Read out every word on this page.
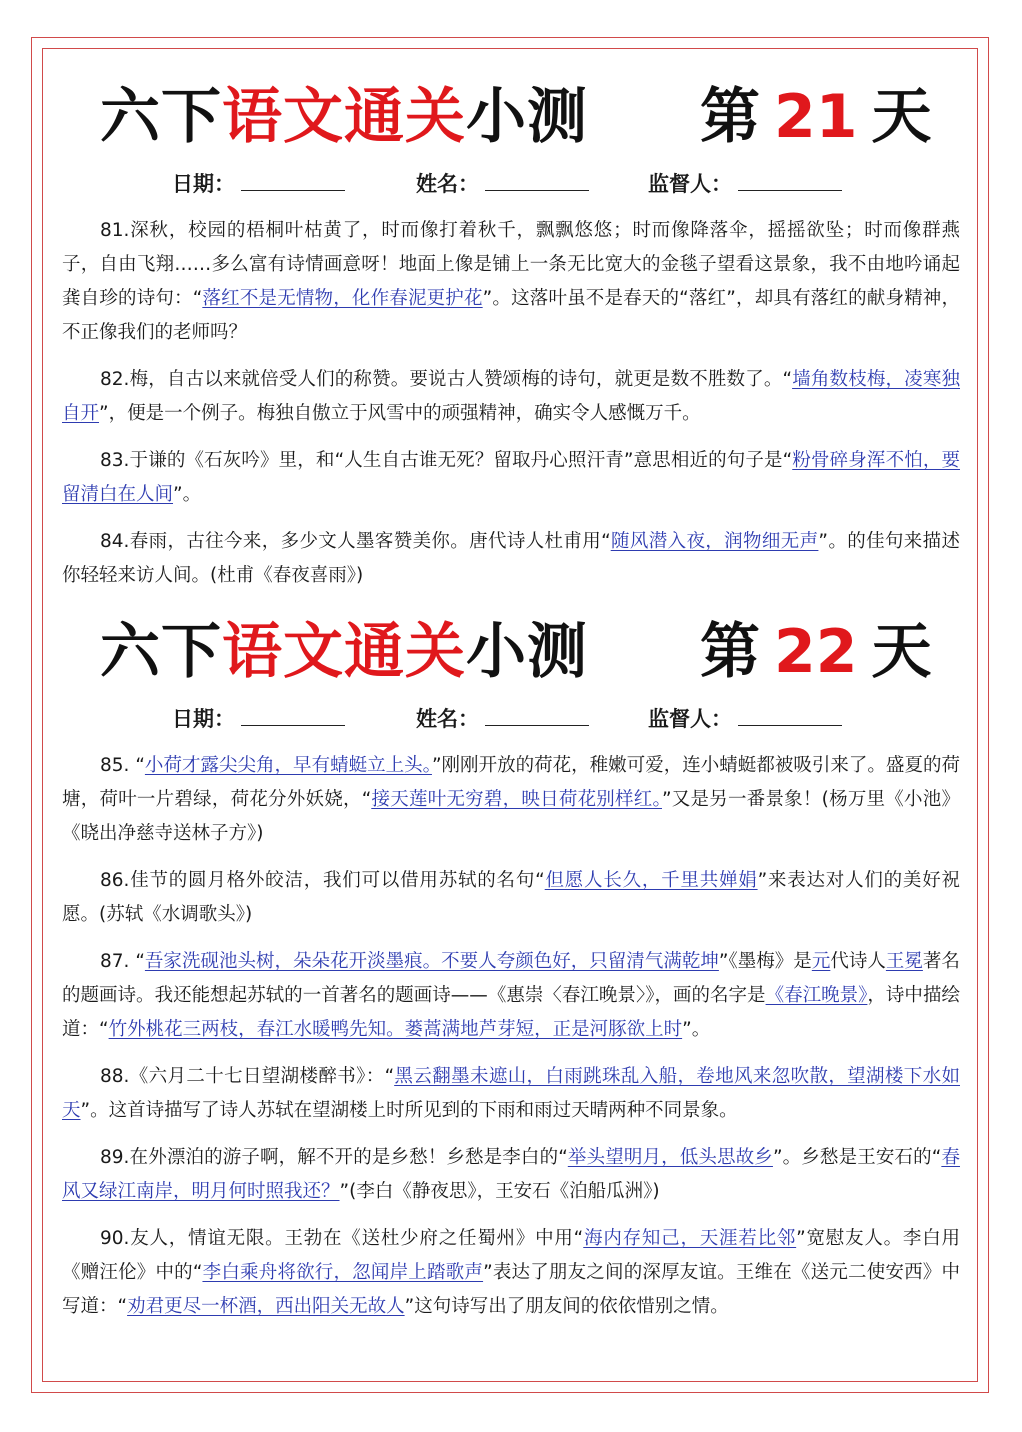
六下语文通关小测 第 21 天
日期：	姓名：	监督人：

81.深秋，校园的梧桐叶枯黄了，时而像打着秋千，飘飘悠悠；时而像降落伞，摇摇欲坠；时而像群燕子，自由飞翔……多么富有诗情画意呀！地面上像是铺上一条无比宽大的金毯子望看这景象，我不由地吟诵起龚自珍的诗句：“落红不是无情物，化作春泥更护花”。这落叶虽不是春天的“落红”，却具有落红的献身精神，不正像我们的老师吗？

82.梅，自古以来就倍受人们的称赞。要说古人赞颂梅的诗句，就更是数不胜数了。“墙角数枝梅，凌寒独自开”，便是一个例子。梅独自傲立于风雪中的顽强精神，确实令人感慨万千。

83.于谦的《石灰吟》里，和“人生自古谁无死？留取丹心照汗青”意思相近的句子是“粉骨碎身浑不怕，要留清白在人间”。

84.春雨，古往今来，多少文人墨客赞美你。唐代诗人杜甫用“随风潜入夜，润物细无声”。的佳句来描述你轻轻来访人间。(杜甫《春夜喜雨》)

六下语文通关小测 第 22 天
日期：	姓名：	监督人：

85. “小荷才露尖尖角，早有蜻蜓立上头。”刚刚开放的荷花，稚嫩可爱，连小蜻蜓都被吸引来了。盛夏的荷塘，荷叶一片碧绿，荷花分外妖娆，“接天莲叶无穷碧，映日荷花别样红。”又是另一番景象！(杨万里《小池》《晓出净慈寺送林子方》)

86.佳节的圆月格外皎洁，我们可以借用苏轼的名句“但愿人长久，千里共婵娟”来表达对人们的美好祝愿。(苏轼《水调歌头》)

87. “吾家洗砚池头树，朵朵花开淡墨痕。不要人夸颜色好，只留清气满乾坤”《墨梅》是元代诗人王冕著名的题画诗。我还能想起苏轼的一首著名的题画诗——《惠崇〈春江晚景〉》，画的名字是《春江晚景》，诗中描绘道：“竹外桃花三两枝，春江水暖鸭先知。蒌蒿满地芦芽短，正是河豚欲上时”。

88.《六月二十七日望湖楼醉书》：“黑云翻墨未遮山，白雨跳珠乱入船，卷地风来忽吹散，望湖楼下水如天”。这首诗描写了诗人苏轼在望湖楼上时所见到的下雨和雨过天晴两种不同景象。

89.在外漂泊的游子啊，解不开的是乡愁！乡愁是李白的“举头望明月，低头思故乡”。乡愁是王安石的“春风又绿江南岸，明月何时照我还？”(李白《静夜思》，王安石《泊船瓜洲》)

90.友人，情谊无限。王勃在《送杜少府之任蜀州》中用“海内存知己，天涯若比邻”宽慰友人。李白用《赠汪伦》中的“李白乘舟将欲行，忽闻岸上踏歌声”表达了朋友之间的深厚友谊。王维在《送元二使安西》中写道：“劝君更尽一杯酒，西出阳关无故人”这句诗写出了朋友间的依依惜别之情。
